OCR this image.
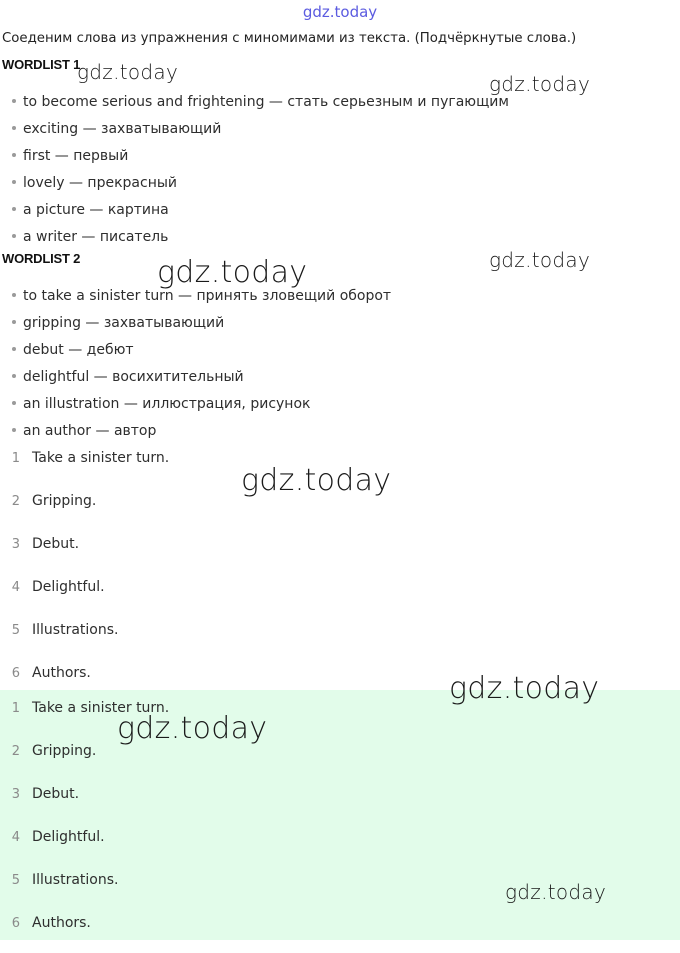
gdz.today
Соеденим слова из упражнения с миномимами из текста. (Подчёркнутые слова.)
WORDLIST 1
to become serious and frightening — стать серьезным и пугающим
exciting — захватывающий
first — первый
lovely — прекрасный
a picture — картина
a writer — писатель
WORDLIST 2
to take a sinister turn — принять зловещий оборот
gripping — захватывающий
debut — дебют
delightful — восихитительный
an illustration — иллюстрация, рисунок
an author — автор
1 Take a sinister turn.
2 Gripping.
3 Debut.
4 Delightful.
5 Illustrations.
6 Authors.
1 Take a sinister turn.
2 Gripping.
3 Debut.
4 Delightful.
5 Illustrations.
6 Authors.
gdz.today	gdz.today
gdz.today
gdz.today
gdz.today
gdz.today
gdz.today
gdz.today
